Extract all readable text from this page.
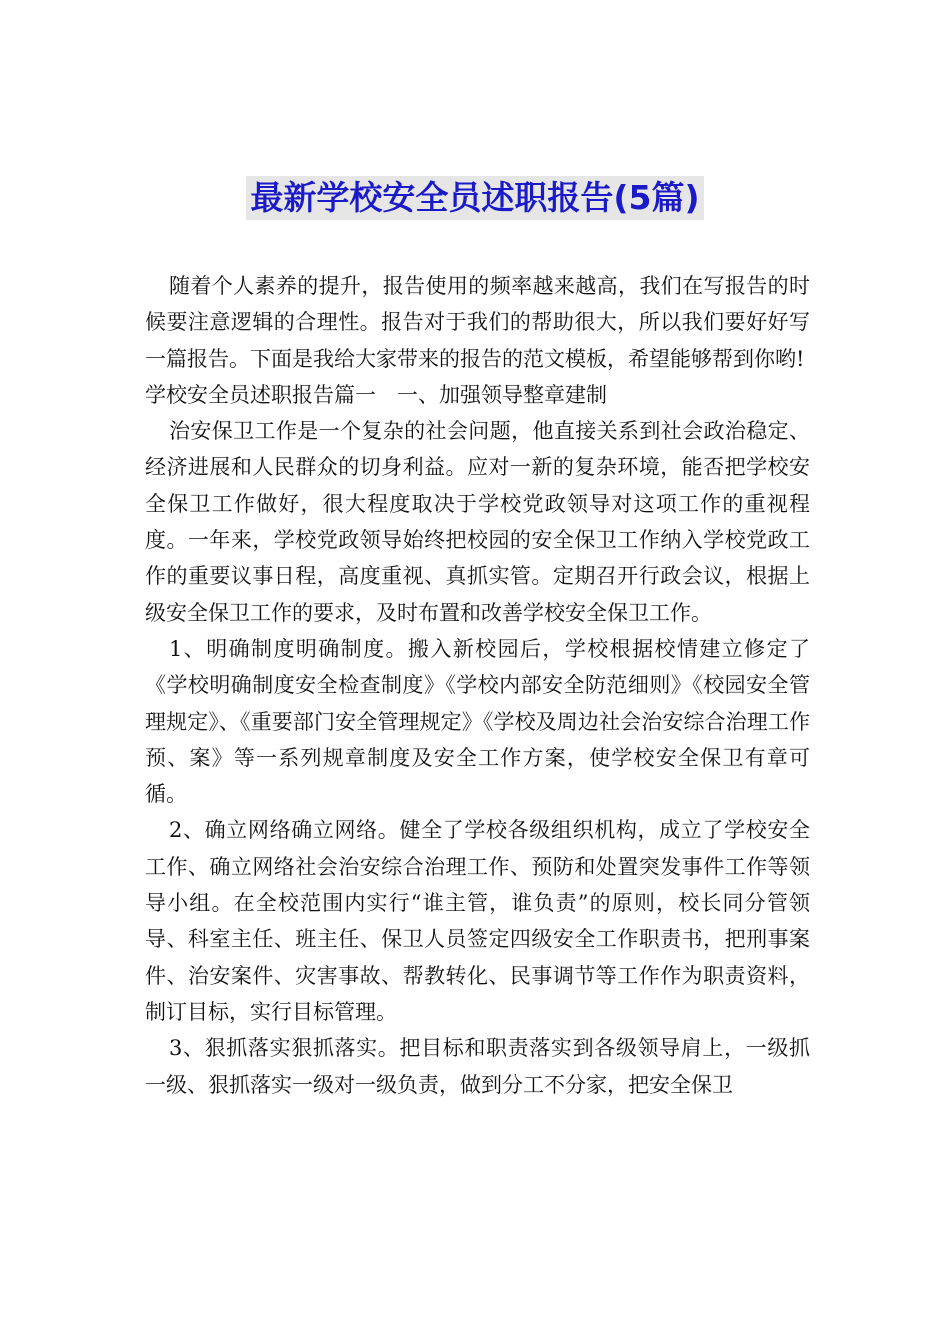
最新学校安全员述职报告(5篇)

随着个人素养的提升，报告使用的频率越来越高，我们在写报告的时候要注意逻辑的合理性。报告对于我们的帮助很大，所以我们要好好写一篇报告。下面是我给大家带来的报告的范文模板，希望能够帮到你哟!

学校安全员述职报告篇一　一、加强领导整章建制

治安保卫工作是一个复杂的社会问题，他直接关系到社会政治稳定、经济进展和人民群众的切身利益。应对一新的复杂环境，能否把学校安全保卫工作做好，很大程度取决于学校党政领导对这项工作的重视程度。一年来，学校党政领导始终把校园的安全保卫工作纳入学校党政工作的重要议事日程，高度重视、真抓实管。定期召开行政会议，根据上级安全保卫工作的要求，及时布置和改善学校安全保卫工作。

1、明确制度明确制度。搬入新校园后，学校根据校情建立修定了《学校明确制度安全检查制度》《学校内部安全防范细则》《校园安全管理规定》、《重要部门安全管理规定》《学校及周边社会治安综合治理工作预、案》等一系列规章制度及安全工作方案，使学校安全保卫有章可循。

2、确立网络确立网络。健全了学校各级组织机构，成立了学校安全工作、确立网络社会治安综合治理工作、预防和处置突发事件工作等领导小组。在全校范围内实行“谁主管，谁负责”的原则，校长同分管领导、科室主任、班主任、保卫人员签定四级安全工作职责书，把刑事案件、治安案件、灾害事故、帮教转化、民事调节等工作作为职责资料，制订目标，实行目标管理。

3、狠抓落实狠抓落实。把目标和职责落实到各级领导肩上，一级抓一级、狠抓落实一级对一级负责，做到分工不分家，把安全保卫
